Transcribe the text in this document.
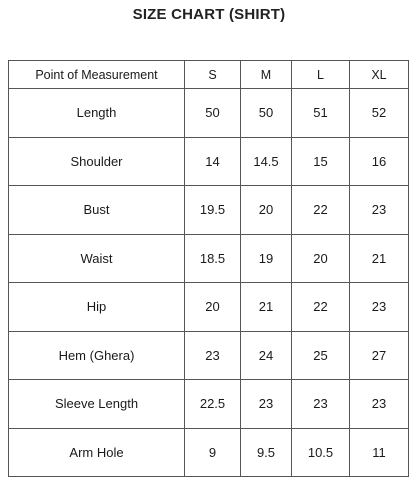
SIZE CHART (SHIRT)
Point of Measurement	S	M	L	XL
Length	50	50	51	52
Shoulder	14	14.5	15	16
Bust	19.5	20	22	23
Waist	18.5	19	20	21
Hip	20	21	22	23
Hem (Ghera)	23	24	25	27
Sleeve Length	22.5	23	23	23
Arm Hole	9	9.5	10.5	11
